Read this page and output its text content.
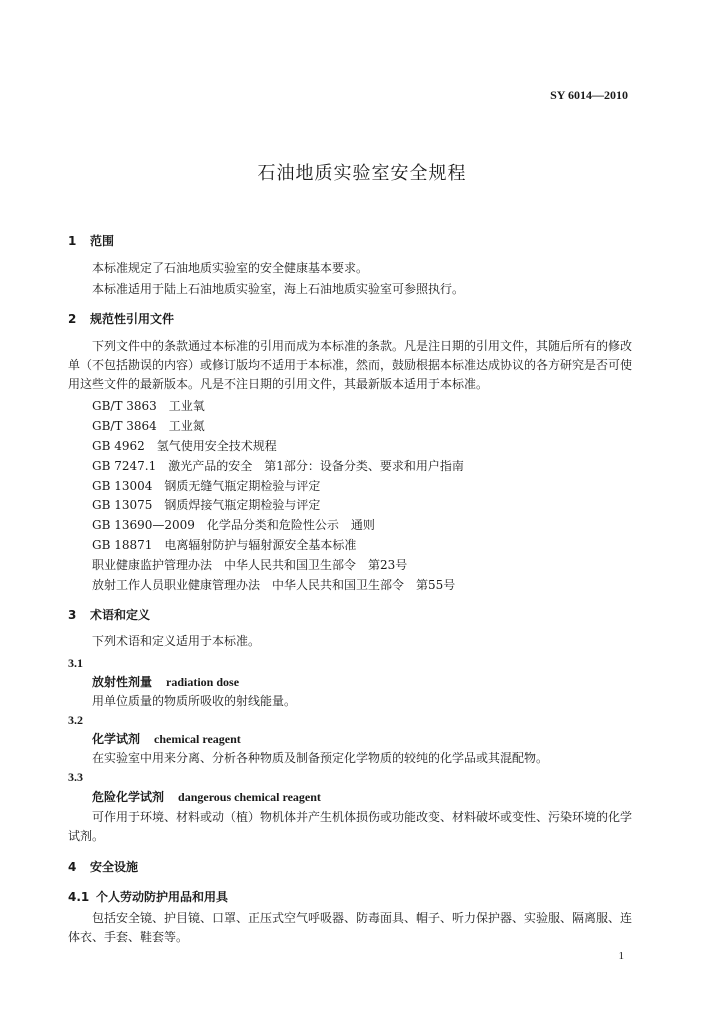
SY 6014—2010
石油地质实验室安全规程
1 范围
本标准规定了石油地质实验室的安全健康基本要求。
本标准适用于陆上石油地质实验室，海上石油地质实验室可参照执行。
2 规范性引用文件
下列文件中的条款通过本标准的引用而成为本标准的条款。凡是注日期的引用文件，其随后所有的修改单（不包括勘误的内容）或修订版均不适用于本标准，然而，鼓励根据本标准达成协议的各方研究是否可使用这些文件的最新版本。凡是不注日期的引用文件，其最新版本适用于本标准。
GB/T 3863　工业氧
GB/T 3864　工业氮
GB 4962　氢气使用安全技术规程
GB 7247.1　激光产品的安全　第1部分：设备分类、要求和用户指南
GB 13004　钢质无缝气瓶定期检验与评定
GB 13075　钢质焊接气瓶定期检验与评定
GB 13690—2009　化学品分类和危险性公示　通则
GB 18871　电离辐射防护与辐射源安全基本标准
职业健康监护管理办法　中华人民共和国卫生部令　第23号
放射工作人员职业健康管理办法　中华人民共和国卫生部令　第55号
3 术语和定义
下列术语和定义适用于本标准。
3.1
放射性剂量 radiation dose
用单位质量的物质所吸收的射线能量。
3.2
化学试剂 chemical reagent
在实验室中用来分离、分析各种物质及制备预定化学物质的较纯的化学品或其混配物。
3.3
危险化学试剂 dangerous chemical reagent
可作用于环境、材料或动（植）物机体并产生机体损伤或功能改变、材料破坏或变性、污染环境的化学试剂。
4 安全设施
4.1 个人劳动防护用品和用具
包括安全镜、护目镜、口罩、正压式空气呼吸器、防毒面具、帽子、听力保护器、实验服、隔离服、连体衣、手套、鞋套等。
1
